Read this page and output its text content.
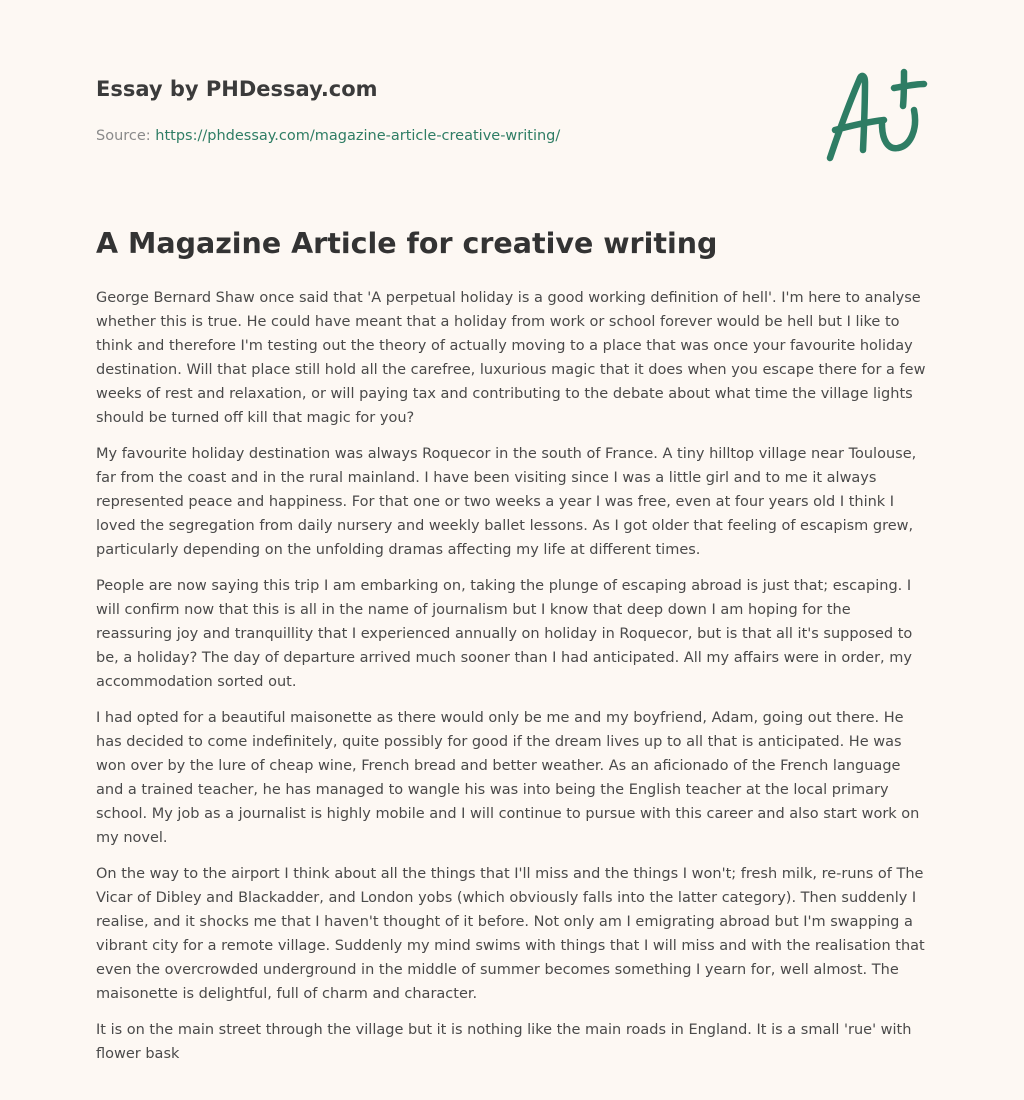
Essay by PHDessay.com
Source: https://phdessay.com/magazine-article-creative-writing/
A Magazine Article for creative writing

George Bernard Shaw once said that 'A perpetual holiday is a good working definition of hell'. I'm here to analyse whether this is true. He could have meant that a holiday from work or school forever would be hell but I like to think and therefore I'm testing out the theory of actually moving to a place that was once your favourite holiday destination. Will that place still hold all the carefree, luxurious magic that it does when you escape there for a few weeks of rest and relaxation, or will paying tax and contributing to the debate about what time the village lights should be turned off kill that magic for you?

My favourite holiday destination was always Roquecor in the south of France. A tiny hilltop village near Toulouse, far from the coast and in the rural mainland. I have been visiting since I was a little girl and to me it always represented peace and happiness. For that one or two weeks a year I was free, even at four years old I think I loved the segregation from daily nursery and weekly ballet lessons. As I got older that feeling of escapism grew, particularly depending on the unfolding dramas affecting my life at different times.

People are now saying this trip I am embarking on, taking the plunge of escaping abroad is just that; escaping. I will confirm now that this is all in the name of journalism but I know that deep down I am hoping for the reassuring joy and tranquillity that I experienced annually on holiday in Roquecor, but is that all it's supposed to be, a holiday? The day of departure arrived much sooner than I had anticipated. All my affairs were in order, my accommodation sorted out.

I had opted for a beautiful maisonette as there would only be me and my boyfriend, Adam, going out there. He has decided to come indefinitely, quite possibly for good if the dream lives up to all that is anticipated. He was won over by the lure of cheap wine, French bread and better weather. As an aficionado of the French language and a trained teacher, he has managed to wangle his was into being the English teacher at the local primary school. My job as a journalist is highly mobile and I will continue to pursue with this career and also start work on my novel.

On the way to the airport I think about all the things that I'll miss and the things I won't; fresh milk, re-runs of The Vicar of Dibley and Blackadder, and London yobs (which obviously falls into the latter category). Then suddenly I realise, and it shocks me that I haven't thought of it before. Not only am I emigrating abroad but I'm swapping a vibrant city for a remote village. Suddenly my mind swims with things that I will miss and with the realisation that even the overcrowded underground in the middle of summer becomes something I yearn for, well almost. The maisonette is delightful, full of charm and character.

It is on the main street through the village but it is nothing like the main roads in England. It is a small 'rue' with flower bask
